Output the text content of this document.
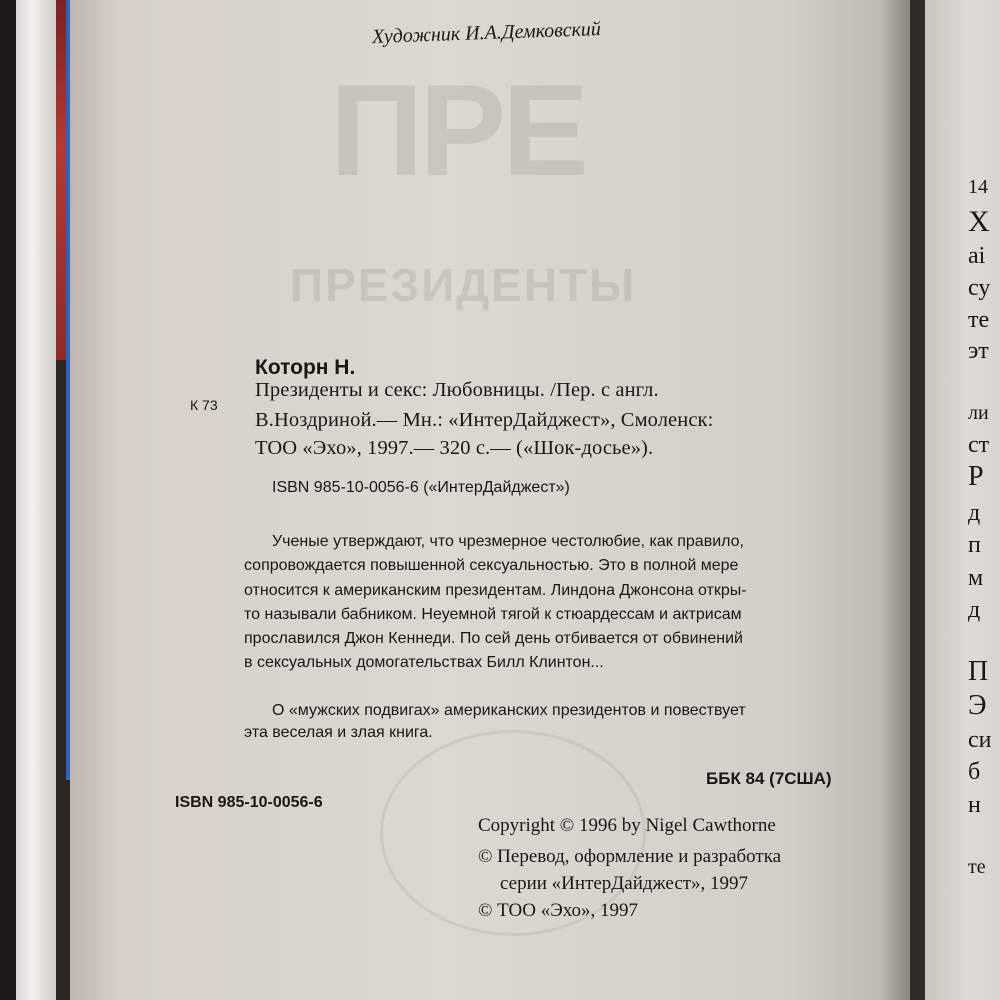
ПРЕ
ПРЕЗИДЕНТЫ
Художник И.А.Демковский
Которн Н.
К 73
Президенты и секс: Любовницы. /Пер. с англ.
В.Ноздриной.— Мн.: «ИнтерДайджест», Смоленск:
ТОО «Эхо», 1997.— 320 с.— («Шок-досье»).
ISBN 985-10-0056-6 («ИнтерДайджест»)
Ученые утверждают, что чрезмерное честолюбие, как правило,
сопровождается повышенной сексуальностью. Это в полной мере
относится к американским президентам. Линдона Джонсона откры-
то называли бабником. Неуемной тягой к стюардессам и актрисам
прославился Джон Кеннеди. По сей день отбивается от обвинений
в сексуальных домогательствах Билл Клинтон...
О «мужских подвигах» американских президентов и повествует
эта веселая и злая книга.
ББК 84 (7США)
ISBN 985-10-0056-6
Copyright © 1996 by Nigel Cawthorne
© Перевод, оформление и разработка
серии «ИнтерДайджест», 1997
© ТОО «Эхо», 1997
14
Х
аі
су
те
эт
ли
ст
Р
д
п
м
д
П
Э
си
б
н
те
